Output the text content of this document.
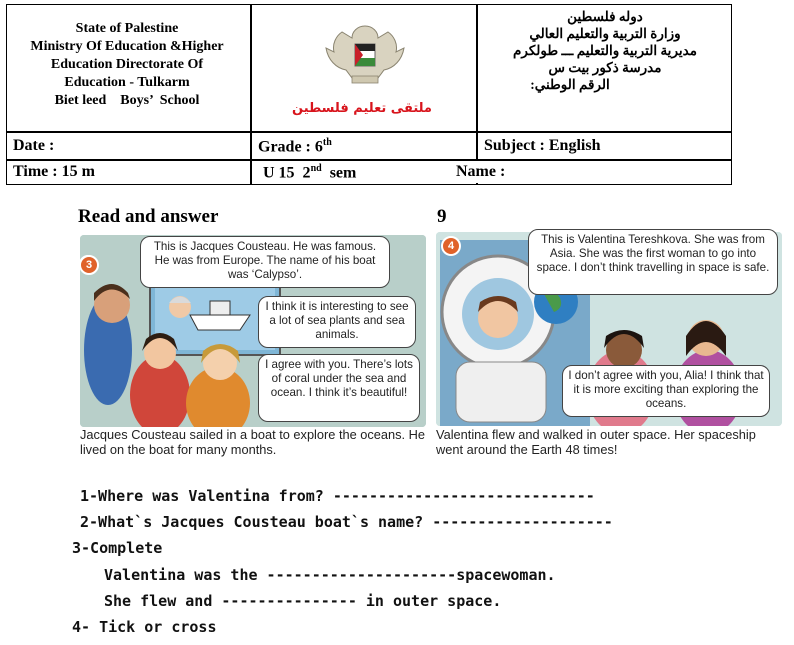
State of Palestine
Ministry Of Education &Higher
Education Directorate Of
Education - Tulkarm
Biet leed    Boys’  School
ملتقى تعليم فلسطين
دوله فلسطين
وزارة التربية والتعليم العالي
مديرية التربية والتعليم ـــ طولكرم
مدرسة ذكور بيت س
الرقم الوطني:
Date :	Grade : 6th	Subject : English
Time : 15 m	U 15  2nd  sem	Name :
Read and answer	9
3
This is Jacques Cousteau. He was famous. He was from Europe. The name of his boat was ‘Calypso’.
I think it is interesting to see a lot of sea plants and sea animals.
I agree with you. There’s lots of coral under the sea and ocean. I think it’s beautiful!
Jacques Cousteau sailed in a boat to explore the oceans. He lived on the boat for many months.
4	This is Valentina Tereshkova. She was from Asia. She was the first woman to go into space. I don’t think travelling in space is safe.
I don’t agree with you, Alia! I think that it is more exciting than exploring the oceans.
Valentina flew and walked in outer space. Her spaceship went around the Earth 48 times!
1-Where was Valentina from? -----------------------------
2-What`s Jacques Cousteau boat`s name? --------------------
3-Complete
Valentina was the ---------------------spacewoman.
She flew and --------------- in outer space.
4- Tick or cross
